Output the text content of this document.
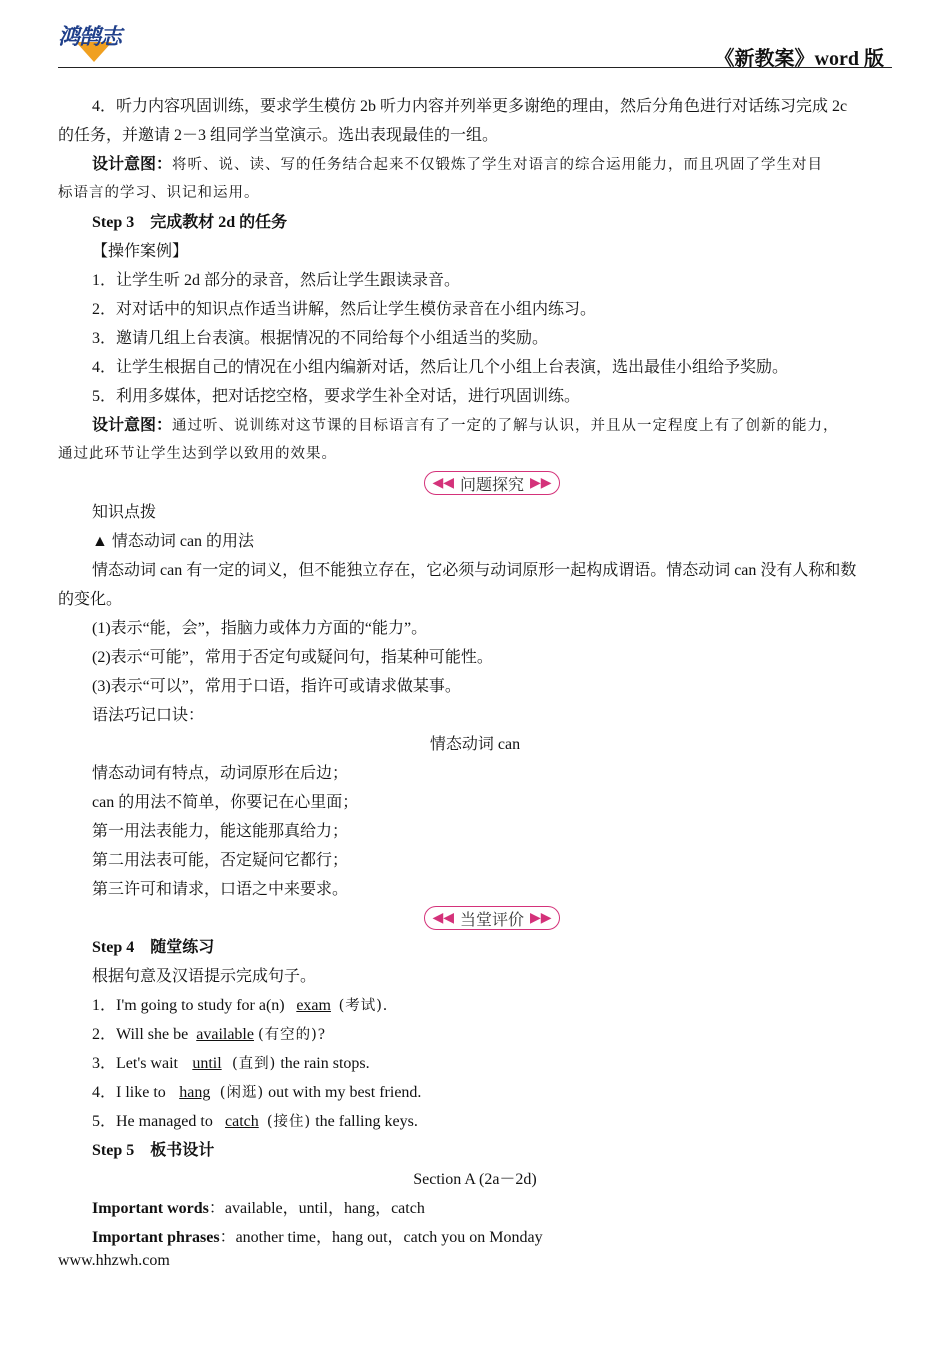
鸿鹄志
《新教案》word 版
4．听力内容巩固训练，要求学生模仿 2b 听力内容并列举更多谢绝的理由，然后分角色进行对话练习完成 2c
的任务，并邀请 2－3 组同学当堂演示。选出表现最佳的一组。
设计意图：将听、说、读、写的任务结合起来不仅锻炼了学生对语言的综合运用能力，而且巩固了学生对目
标语言的学习、识记和运用。
Step 3　完成教材 2d 的任务
【操作案例】
1．让学生听 2d 部分的录音，然后让学生跟读录音。
2．对对话中的知识点作适当讲解，然后让学生模仿录音在小组内练习。
3．邀请几组上台表演。根据情况的不同给每个小组适当的奖励。
4．让学生根据自己的情况在小组内编新对话，然后让几个小组上台表演，选出最佳小组给予奖励。
5．利用多媒体，把对话挖空格，要求学生补全对话，进行巩固训练。
设计意图：通过听、说训练对这节课的目标语言有了一定的了解与认识，并且从一定程度上有了创新的能力，
通过此环节让学生达到学以致用的效果。
◀◀ 问题探究 ▶▶
知识点拨
▲ 情态动词 can 的用法
情态动词 can 有一定的词义，但不能独立存在，它必须与动词原形一起构成谓语。情态动词 can 没有人称和数
的变化。
(1)表示“能，会”，指脑力或体力方面的“能力”。
(2)表示“可能”，常用于否定句或疑问句，指某种可能性。
(3)表示“可以”，常用于口语，指许可或请求做某事。
语法巧记口诀：
情态动词 can
情态动词有特点，动词原形在后边；
can 的用法不简单，你要记在心里面；
第一用法表能力，能这能那真给力；
第二用法表可能，否定疑问它都行；
第三许可和请求，口语之中来要求。
◀◀ 当堂评价 ▶▶
Step 4　随堂练习
根据句意及汉语提示完成句子。
1．I'm going to study for a(n) exam (考试).
2．Will she be available (有空的)?
3．Let's wait until (直到) the rain stops.
4．I like to hang (闲逛) out with my best friend.
5．He managed to catch (接住) the falling keys.
Step 5　板书设计
Section A (2a－2d)
Important words：available，until，hang，catch
Important phrases：another time，hang out，catch you on Monday
www.hhzwh.com
